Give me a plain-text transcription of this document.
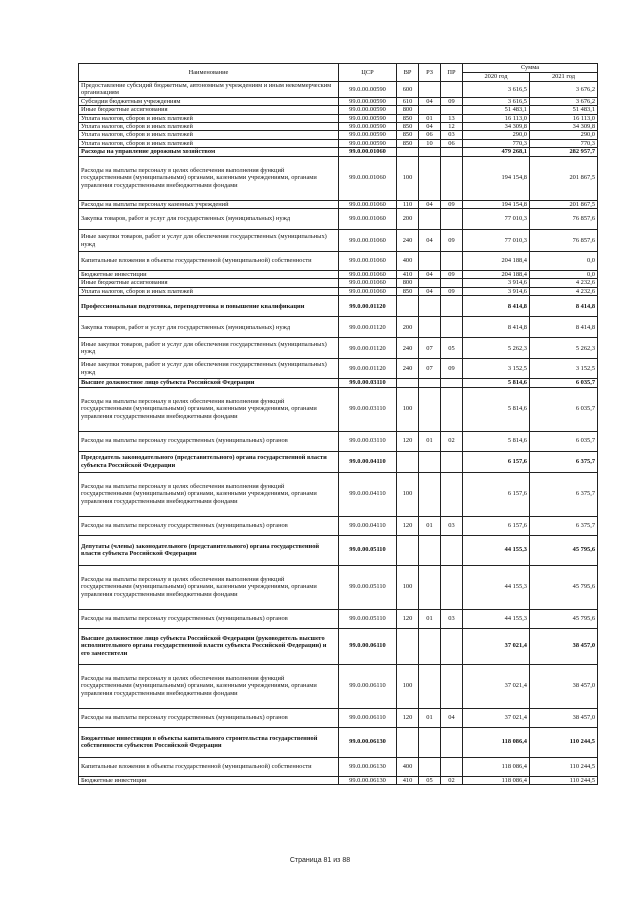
Наименование	ЦСР	ВР	РЗ	ПР	Сумма	
					2020 год	2021 год
Предоставление субсидий бюджетным, автономным учреждениям и иным некоммерческим организациям	99.0.00.00590	600			3 616,5	3 676,2
Субсидии бюджетным учреждениям	99.0.00.00590	610	04	09	3 616,5	3 676,2
Иные бюджетные ассигнования	99.0.00.00590	800			51 483,1	51 483,1
Уплата налогов, сборов и иных платежей	99.0.00.00590	850	01	13	16 113,0	16 113,0
Уплата налогов, сборов и иных платежей	99.0.00.00590	850	04	12	34 309,8	34 309,8
Уплата налогов, сборов и иных платежей	99.0.00.00590	850	06	03	290,0	290,0
Уплата налогов, сборов и иных платежей	99.0.00.00590	850	10	06	770,3	770,3
Расходы на управление дорожным хозяйством	99.0.00.01060				479 268,1	282 957,7
Расходы на выплаты персоналу в целях обеспечения выполнения функций государственными (муниципальными) органами, казенными учреждениями, органами управления государственными внебюджетными фондами	99.0.00.01060	100			194 154,8	201 867,5
Расходы на выплаты персоналу казенных учреждений	99.0.00.01060	110	04	09	194 154,8	201 867,5
Закупка товаров, работ и услуг для государственных (муниципальных) нужд	99.0.00.01060	200			77 010,3	76 857,6
Иные закупки товаров, работ и услуг для обеспечения государственных (муниципальных) нужд	99.0.00.01060	240	04	09	77 010,3	76 857,6
Капитальные вложения в объекты государственной (муниципальной) собственности	99.0.00.01060	400			204 188,4	0,0
Бюджетные инвестиции	99.0.00.01060	410	04	09	204 188,4	0,0
Иные бюджетные ассигнования	99.0.00.01060	800			3 914,6	4 232,6
Уплата налогов, сборов и иных платежей	99.0.00.01060	850	04	09	3 914,6	4 232,6
Профессиональная подготовка, переподготовка и повышение квалификации	99.0.00.01120				8 414,8	8 414,8
Закупка товаров, работ и услуг для государственных (муниципальных) нужд	99.0.00.01120	200			8 414,8	8 414,8
Иные закупки товаров, работ и услуг для обеспечения государственных (муниципальных) нужд	99.0.00.01120	240	07	05	5 262,3	5 262,3
Иные закупки товаров, работ и услуг для обеспечения государственных (муниципальных) нужд	99.0.00.01120	240	07	09	3 152,5	3 152,5
Высшее должностное лицо субъекта Российской Федерации	99.0.00.03110				5 814,6	6 035,7
Расходы на выплаты персоналу в целях обеспечения выполнения функций государственными (муниципальными) органами, казенными учреждениями, органами управления государственными внебюджетными фондами	99.0.00.03110	100			5 814,6	6 035,7
Расходы на выплаты персоналу государственных (муниципальных) органов	99.0.00.03110	120	01	02	5 814,6	6 035,7
Председатель законодательного (представительного) органа государственной власти субъекта Российской Федерации	99.0.00.04110				6 157,6	6 375,7
Расходы на выплаты персоналу в целях обеспечения выполнения функций государственными (муниципальными) органами, казенными учреждениями, органами управления государственными внебюджетными фондами	99.0.00.04110	100			6 157,6	6 375,7
Расходы на выплаты персоналу государственных (муниципальных) органов	99.0.00.04110	120	01	03	6 157,6	6 375,7
Депутаты (члены) законодательного (представительного) органа государственной власти субъекта Российской Федерации	99.0.00.05110				44 155,3	45 795,6
Расходы на выплаты персоналу в целях обеспечения выполнения функций государственными (муниципальными) органами, казенными учреждениями, органами управления государственными внебюджетными фондами	99.0.00.05110	100			44 155,3	45 795,6
Расходы на выплаты персоналу государственных (муниципальных) органов	99.0.00.05110	120	01	03	44 155,3	45 795,6
Высшее должностное лицо субъекта Российской Федерации (руководитель высшего исполнительного органа государственной власти субъекта Российской Федерации) и его заместители	99.0.00.06110				37 021,4	38 457,0
Расходы на выплаты персоналу в целях обеспечения выполнения функций государственными (муниципальными) органами, казенными учреждениями, органами управления государственными внебюджетными фондами	99.0.00.06110	100			37 021,4	38 457,0
Расходы на выплаты персоналу государственных (муниципальных) органов	99.0.00.06110	120	01	04	37 021,4	38 457,0
Бюджетные инвестиции в объекты капитального строительства государственной собственности субъектов Российской Федерации	99.0.00.06130				118 086,4	110 244,5
Капитальные вложения в объекты государственной (муниципальной) собственности	99.0.00.06130	400			118 086,4	110 244,5
Бюджетные инвестиции	99.0.00.06130	410	05	02	118 086,4	110 244,5
Страница 81 из 88
